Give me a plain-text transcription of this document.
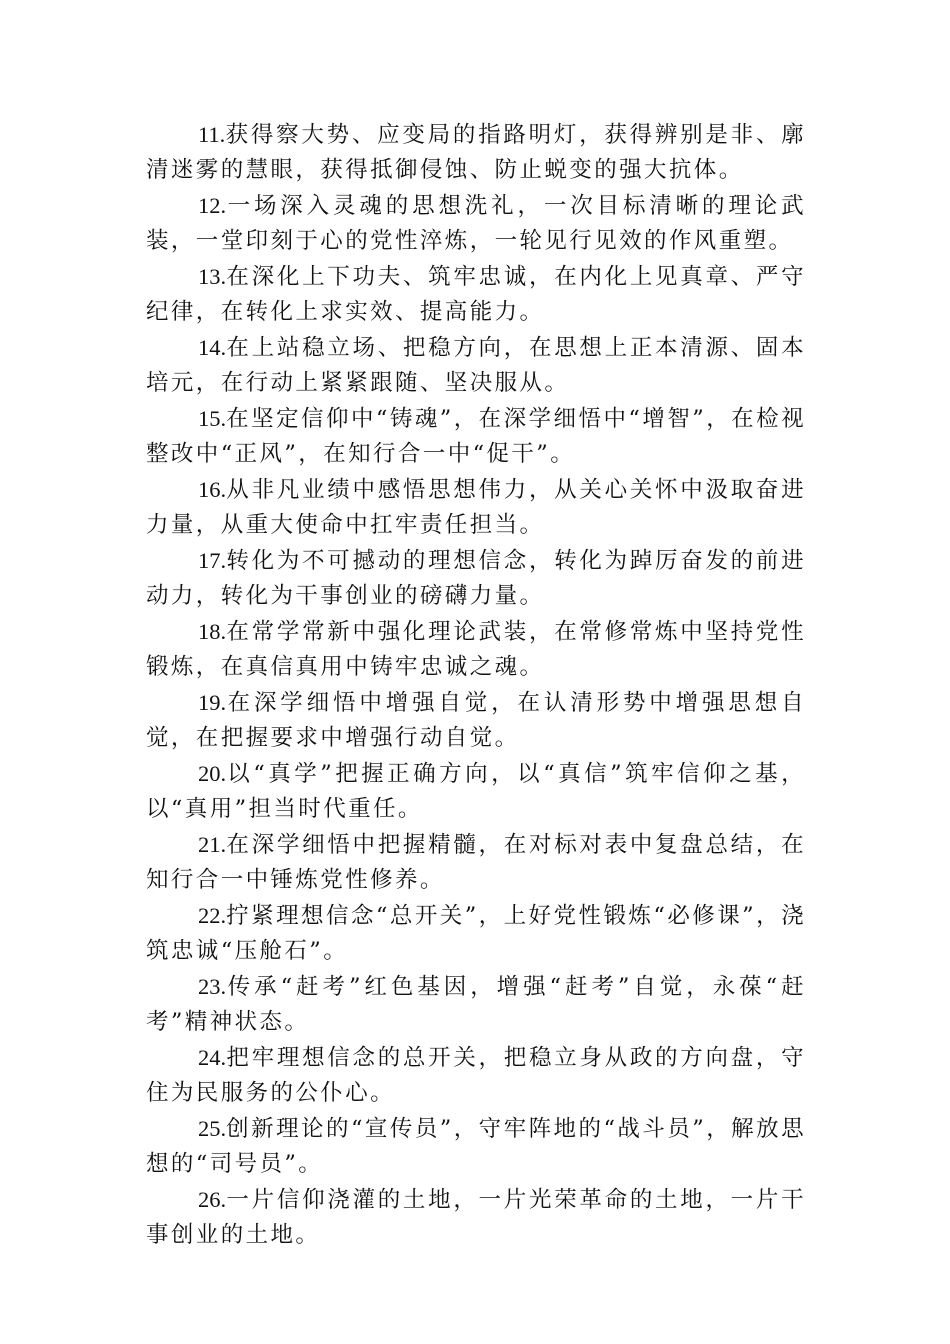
11.获得察大势、应变局的指路明灯，获得辨别是非、廓清迷雾的慧眼，获得抵御侵蚀、防止蜕变的强大抗体。

12.一场深入灵魂的思想洗礼，一次目标清晰的理论武装，一堂印刻于心的党性淬炼，一轮见行见效的作风重塑。

13.在深化上下功夫、筑牢忠诚，在内化上见真章、严守纪律，在转化上求实效、提高能力。

14.在上站稳立场、把稳方向，在思想上正本清源、固本培元，在行动上紧紧跟随、坚决服从。

15.在坚定信仰中“铸魂”，在深学细悟中“增智”，在检视整改中“正风”，在知行合一中“促干”。

16.从非凡业绩中感悟思想伟力，从关心关怀中汲取奋进力量，从重大使命中扛牢责任担当。

17.转化为不可撼动的理想信念，转化为踔厉奋发的前进动力，转化为干事创业的磅礴力量。

18.在常学常新中强化理论武装，在常修常炼中坚持党性锻炼，在真信真用中铸牢忠诚之魂。

19.在深学细悟中增强自觉，在认清形势中增强思想自觉，在把握要求中增强行动自觉。

20.以“真学”把握正确方向，以“真信”筑牢信仰之基，以“真用”担当时代重任。

21.在深学细悟中把握精髓，在对标对表中复盘总结，在知行合一中锤炼党性修养。

22.拧紧理想信念“总开关”，上好党性锻炼“必修课”，浇筑忠诚“压舱石”。

23.传承“赶考”红色基因，增强“赶考”自觉，永葆“赶考”精神状态。

24.把牢理想信念的总开关，把稳立身从政的方向盘，守住为民服务的公仆心。

25.创新理论的“宣传员”，守牢阵地的“战斗员”，解放思想的“司号员”。

26.一片信仰浇灌的土地，一片光荣革命的土地，一片干事创业的土地。
